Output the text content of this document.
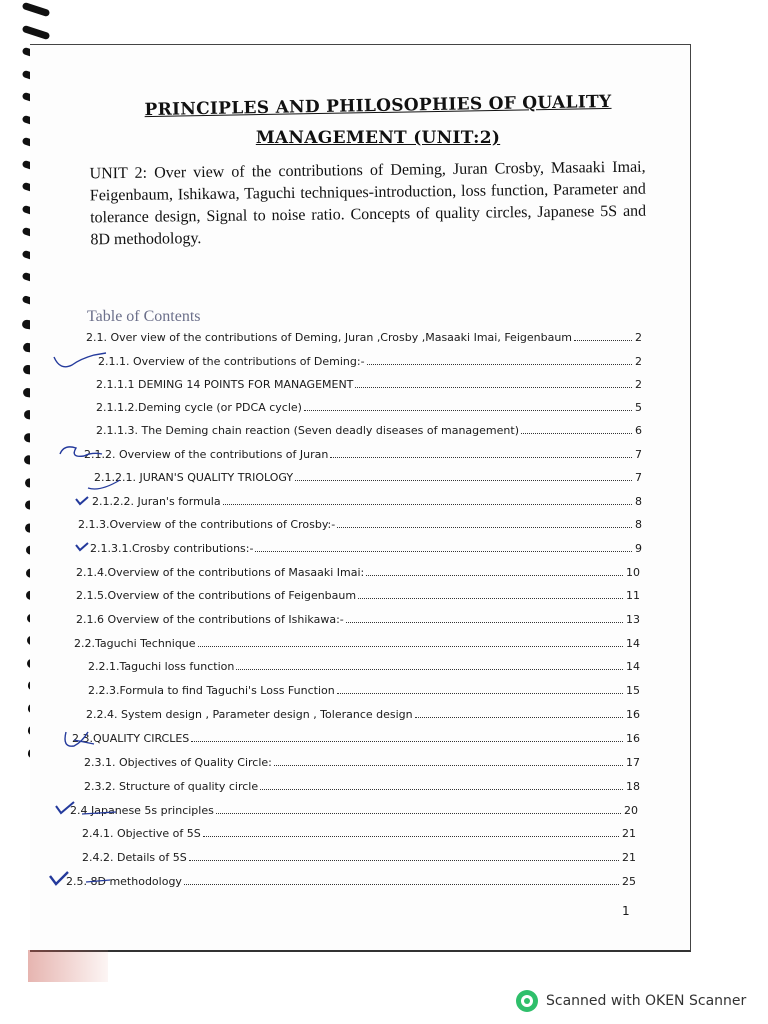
PRINCIPLES AND PHILOSOPHIES OF QUALITY
MANAGEMENT (UNIT:2)
UNIT 2: Over view of the contributions of Deming, Juran Crosby, Masaaki Imai, Feigenbaum, Ishikawa, Taguchi techniques-introduction, loss function, Parameter and tolerance design, Signal to noise ratio. Concepts of quality circles, Japanese 5S and 8D methodology.
Table of Contents
2.1. Over view of the contributions of Deming, Juran ,Crosby ,Masaaki Imai, Feigenbaum	2
2.1.1. Overview of the contributions of Deming:-	2
2.1.1.1 DEMING 14 POINTS FOR MANAGEMENT	2
2.1.1.2.Deming cycle (or PDCA cycle)	5
2.1.1.3. The Deming chain reaction (Seven deadly diseases of management)	6
2.1.2. Overview of the contributions of Juran	7
2.1.2.1. JURAN'S QUALITY TRIOLOGY	7
2.1.2.2. Juran's formula	8
2.1.3.Overview of the contributions of Crosby:-	8
2.1.3.1.Crosby contributions:-	9
2.1.4.Overview of the contributions of Masaaki Imai:	10
2.1.5.Overview of the contributions of Feigenbaum	11
2.1.6 Overview of the contributions of Ishikawa:-	13
2.2.Taguchi Technique	14
2.2.1.Taguchi loss function	14
2.2.3.Formula to find Taguchi's Loss Function	15
2.2.4. System design , Parameter design , Tolerance design	16
2.3.QUALITY CIRCLES	16
2.3.1. Objectives of Quality Circle:	17
2.3.2. Structure of quality circle	18
2.4 Japanese 5s principles	20
2.4.1. Objective of 5S	21
2.4.2. Details of 5S	21
2.5. 8D methodology	25
1
Scanned with OKEN Scanner
